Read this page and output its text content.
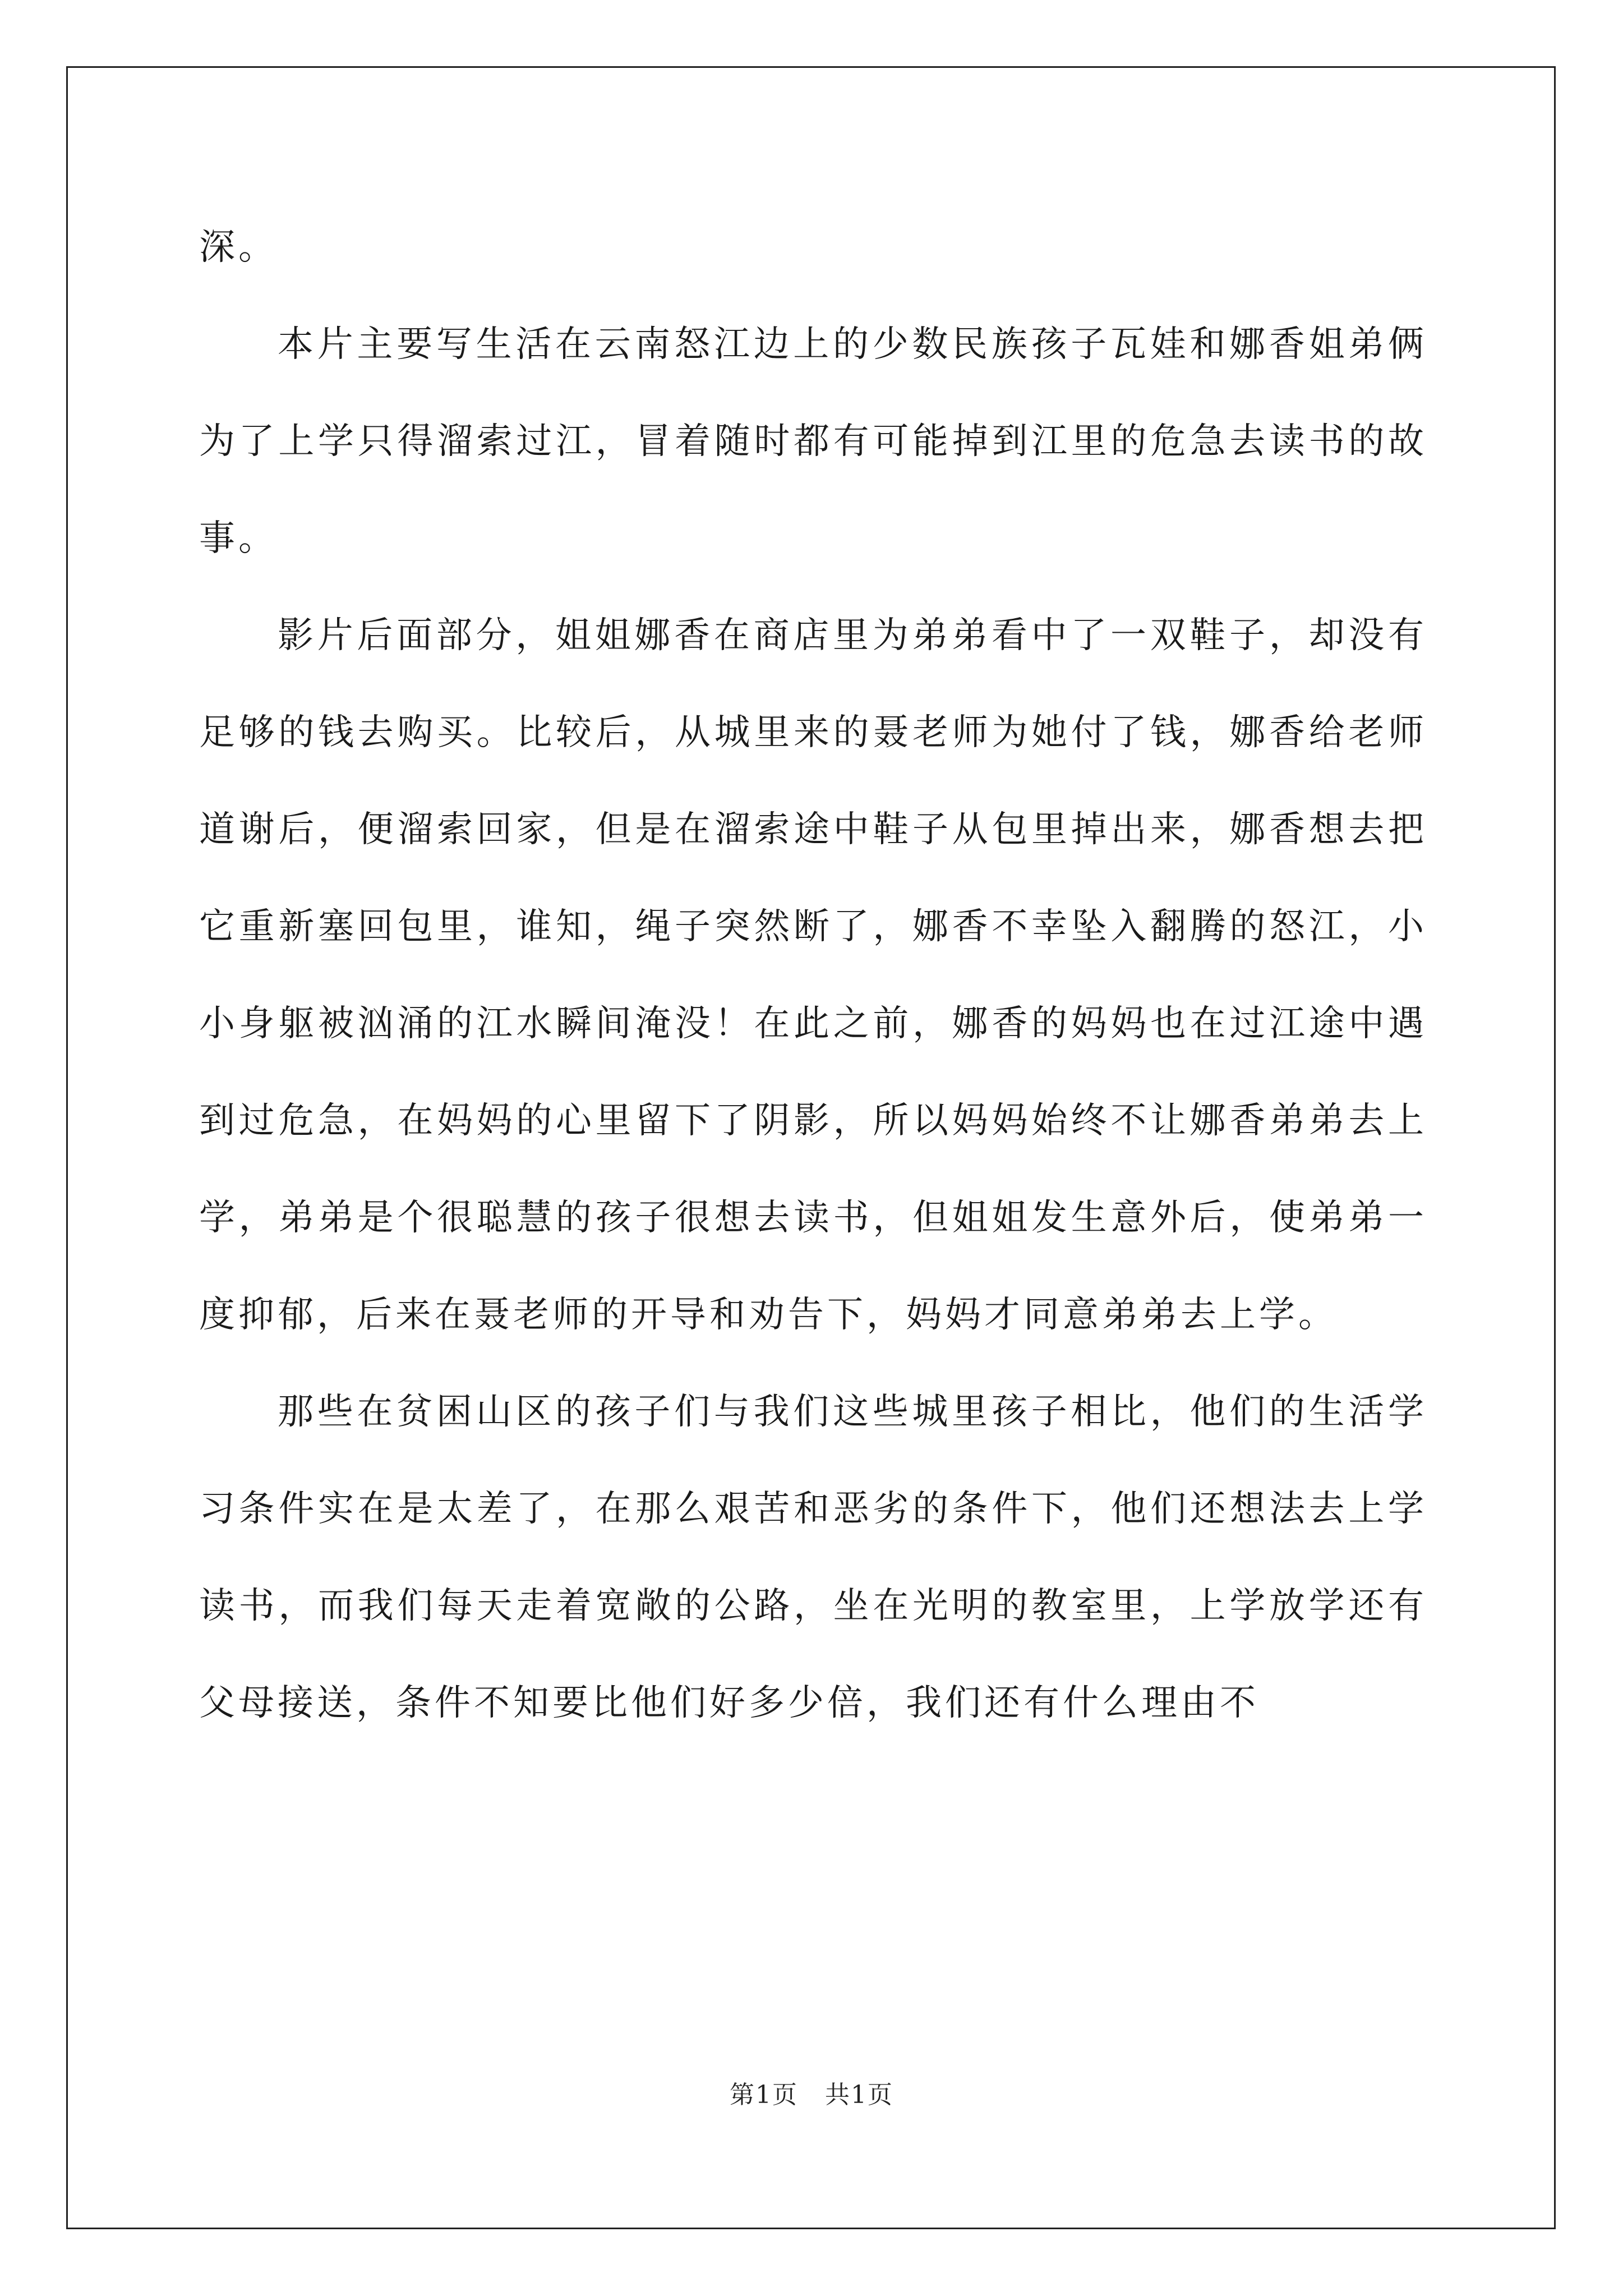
深。

本片主要写生活在云南怒江边上的少数民族孩子瓦娃和娜香姐弟俩为了上学只得溜索过江，冒着随时都有可能掉到江里的危急去读书的故事。

影片后面部分，姐姐娜香在商店里为弟弟看中了一双鞋子，却没有足够的钱去购买。比较后，从城里来的聂老师为她付了钱，娜香给老师道谢后，便溜索回家，但是在溜索途中鞋子从包里掉出来，娜香想去把它重新塞回包里，谁知，绳子突然断了，娜香不幸坠入翻腾的怒江，小小身躯被汹涌的江水瞬间淹没！在此之前，娜香的妈妈也在过江途中遇到过危急，在妈妈的心里留下了阴影，所以妈妈始终不让娜香弟弟去上学，弟弟是个很聪慧的孩子很想去读书，但姐姐发生意外后，使弟弟一度抑郁，后来在聂老师的开导和劝告下，妈妈才同意弟弟去上学。

那些在贫困山区的孩子们与我们这些城里孩子相比，他们的生活学习条件实在是太差了，在那么艰苦和恶劣的条件下，他们还想法去上学读书，而我们每天走着宽敞的公路，坐在光明的教室里，上学放学还有父母接送，条件不知要比他们好多少倍，我们还有什么理由不

第1页 共1页
